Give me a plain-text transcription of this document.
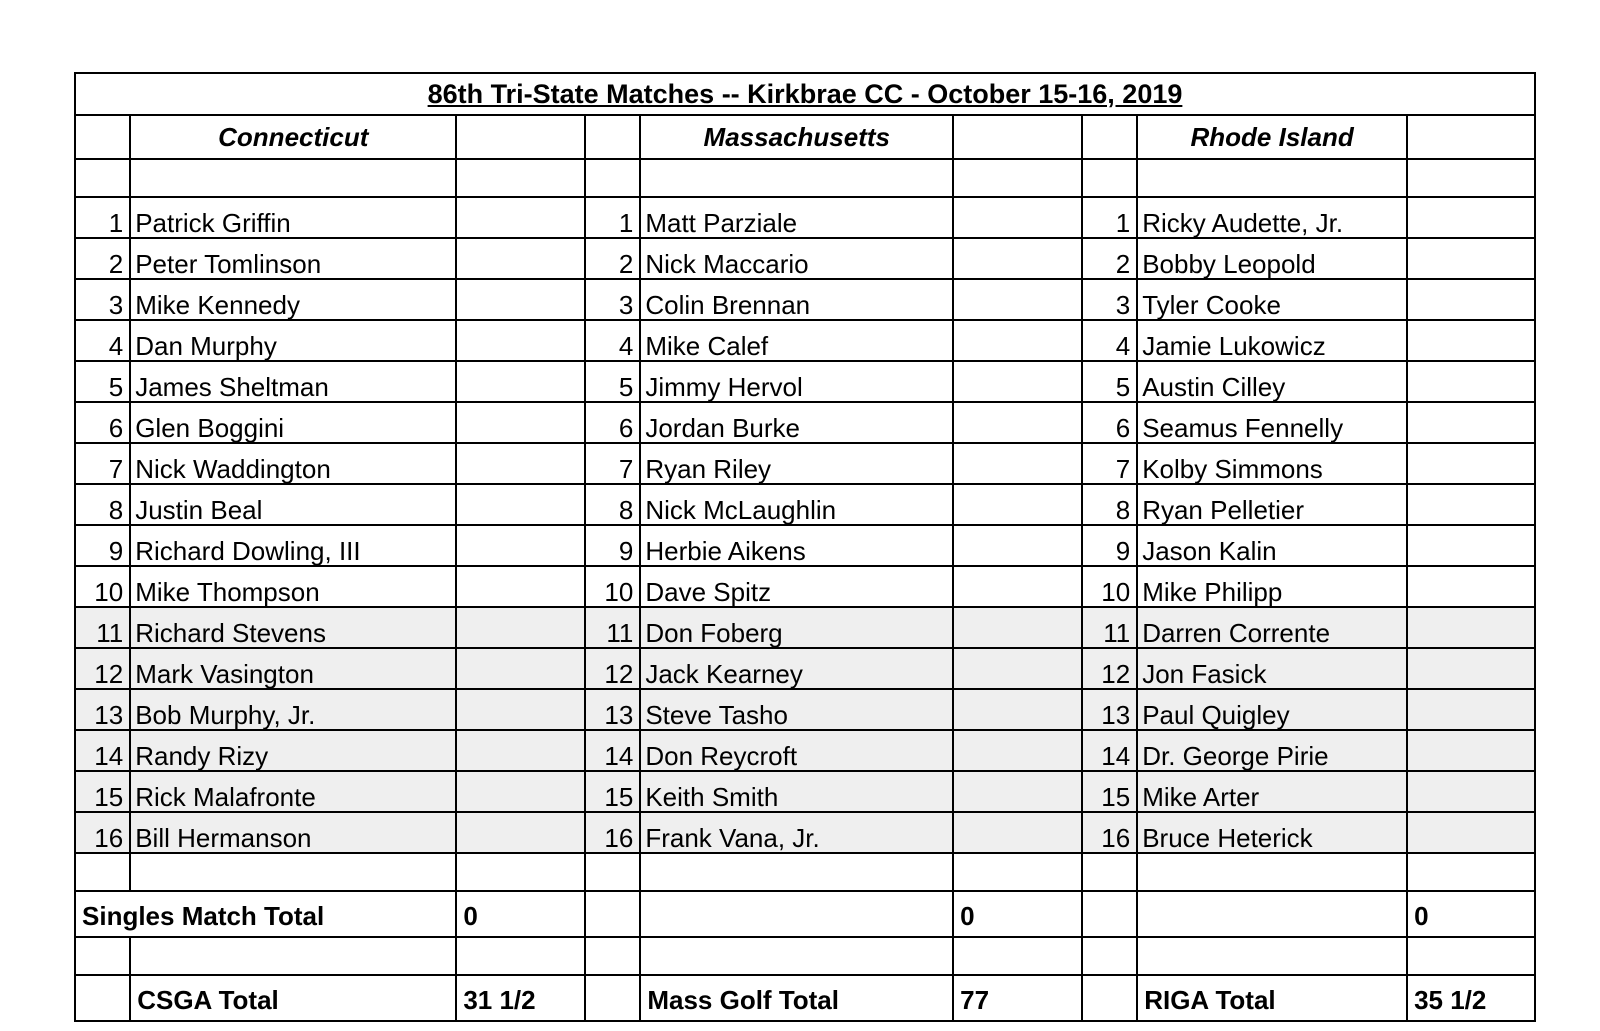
86th Tri-State Matches -- Kirkbrae CC - October 15-16, 2019								
	Connecticut			Massachusetts			Rhode Island	

1	Patrick Griffin		1	Matt Parziale		1	Ricky Audette, Jr.	
2	Peter Tomlinson		2	Nick Maccario		2	Bobby Leopold	
3	Mike Kennedy		3	Colin Brennan		3	Tyler Cooke	
4	Dan Murphy		4	Mike Calef		4	Jamie Lukowicz	
5	James Sheltman		5	Jimmy Hervol		5	Austin Cilley	
6	Glen Boggini		6	Jordan Burke		6	Seamus Fennelly	
7	Nick Waddington		7	Ryan Riley		7	Kolby Simmons	
8	Justin Beal		8	Nick McLaughlin		8	Ryan Pelletier	
9	Richard Dowling, III		9	Herbie Aikens		9	Jason Kalin	
10	Mike Thompson		10	Dave Spitz		10	Mike Philipp	
11	Richard Stevens		11	Don Foberg		11	Darren Corrente	
12	Mark Vasington		12	Jack Kearney		12	Jon Fasick	
13	Bob Murphy, Jr.		13	Steve Tasho		13	Paul Quigley	
14	Randy Rizy		14	Don Reycroft		14	Dr. George Pirie	
15	Rick Malafronte		15	Keith Smith		15	Mike Arter	
16	Bill Hermanson		16	Frank Vana, Jr.		16	Bruce Heterick	

Singles Match Total		0			0			0

	CSGA Total	31 1/2		Mass Golf Total	77		RIGA Total	35 1/2
